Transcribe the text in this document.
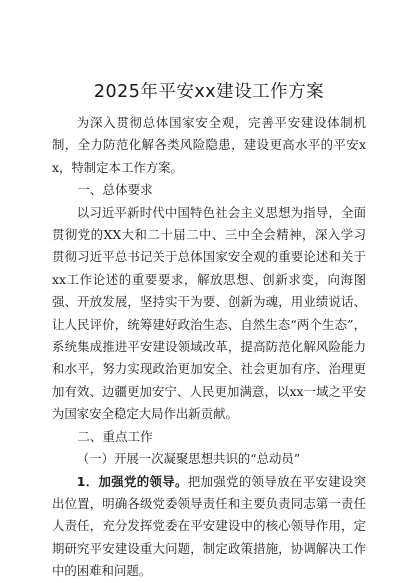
2025年平安xx建设工作方案

为深入贯彻总体国家安全观，完善平安建设体制机制，全力防范化解各类风险隐患，建设更高水平的平安xx，特制定本工作方案。

一、总体要求

以习近平新时代中国特色社会主义思想为指导，全面贯彻党的XX大和二十届二中、三中全会精神，深入学习贯彻习近平总书记关于总体国家安全观的重要论述和关于xx工作论述的重要要求，解放思想、创新求变，向海图强、开放发展，坚持实干为要、创新为魂，用业绩说话、让人民评价，统筹建好政治生态、自然生态“两个生态”，系统集成推进平安建设领域改革，提高防范化解风险能力和水平，努力实现政治更加安全、社会更加有序、治理更加有效、边疆更加安宁、人民更加满意，以xx一域之平安为国家安全稳定大局作出新贡献。

二、重点工作

（一）开展一次凝聚思想共识的“总动员”

1．加强党的领导。把加强党的领导放在平安建设突出位置，明确各级党委领导责任和主要负责同志第一责任人责任，充分发挥党委在平安建设中的核心领导作用，定期研究平安建设重大问题，制定政策措施，协调解决工作中的困难和问题。
